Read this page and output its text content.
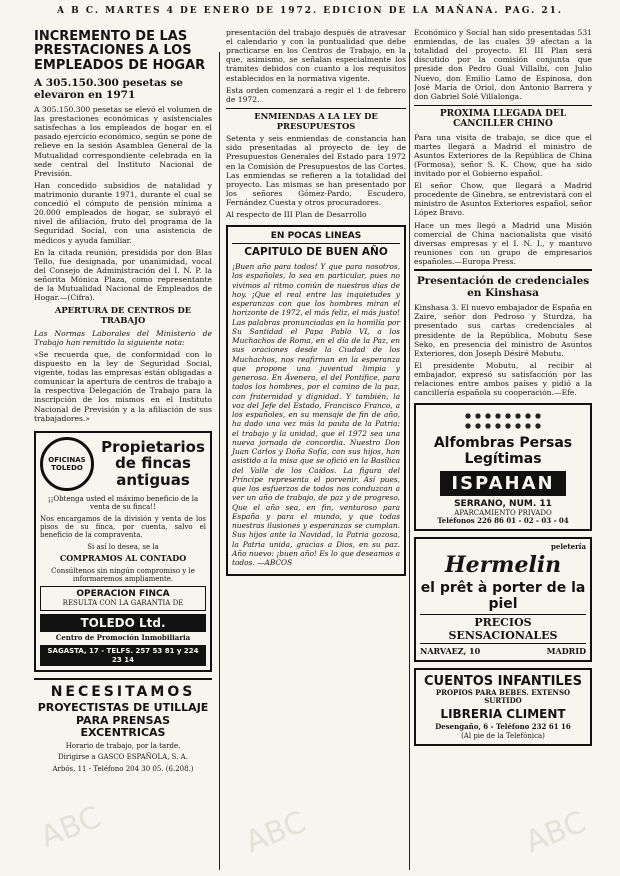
ABC	ABC	ABC
A B C. MARTES 4 DE ENERO DE 1972. EDICION DE LA MAÑANA. PAG. 21.
INCREMENTO DE LAS PRESTACIONES A LOS EMPLEADOS DE HOGAR
A 305.150.300 pesetas se elevaron en 1971

A 305.150.300 pesetas se elevó el volumen de las prestaciones económicas y asistenciales satisfechas a los empleados de hogar en el pasado ejercicio económico, según se pone de relieve en la sesión Asamblea General de la Mutualidad correspondiente celebrada en la sede central del Instituto Nacional de Previsión.

Han concedido subsidios de natalidad y matrimonio durante 1971, durante el cual se concedió el cómputo de pensión mínima a 20.000 empleados de hogar, se subrayó el nivel de afiliación, fruto del programa de la Seguridad Social, con una asistencia de médicos y ayuda familiar.

En la citada reunión, presidida por don Blas Tello, fue designada, por unanimidad, vocal del Consejo de Administración del I. N. P. la señorita Mónica Plaza, como representante de la Mutualidad Nacional de Empleados de Hogar.—(Cifra).

APERTURA DE CENTROS DE TRABAJO

Las Normas Laborales del Ministerio de Trabajo han remitido la siguiente nota:

«Se recuerda que, de conformidad con lo dispuesto en la ley de Seguridad Social, vigente, todas las empresas están obligadas a comunicar la apertura de centros de trabajo a la respectiva Delegación de Trabajo para la inscripción de los mismos en el Instituto Nacional de Previsión y a la afiliación de sus trabajadores.»

OFICINAS TOLEDO
Propietarios de fincas antiguas

¡¡Obtenga usted el máximo beneficio de la venta de su finca!!

Nos encargamos de la división y venta de los pisos de su finca, por cuenta, salvo el beneficio de la compraventa.

Si así lo desea, se la

COMPRAMOS AL CONTADO

Consúltenos sin ningún compromiso y le informaremos ampliamente.

OPERACION FINCA
RESULTA CON LA GARANTIA DE
TOLEDO Ltd.
Centro de Promoción Inmobiliaria
SAGASTA, 17 - TELFS. 257 53 81 y 224 23 14
NECESITAMOS
PROYECTISTAS DE UTILLAJE PARA PRENSAS EXCENTRICAS

Horario de trabajo, por la tarde.

Dirigirse a GASCO ESPAÑOLA, S. A.

Arbós, 11 - Teléfono 204 30 05. (6.208.)

presentación del trabajo después de atravesar el calendario y con la puntualidad que debe practicarse en los Centros de Trabajo, en la que, asimismo, se señalan especialmente los trámites debidos con cuanto a los requisitos establecidos en la normativa vigente.

Esta orden comenzará a regir el 1 de febrero de 1972.

ENMIENDAS A LA LEY DE PRESUPUESTOS

Setenta y seis enmiendas de constancia han sido presentadas al proyecto de ley de Presupuestos Generales del Estado para 1972 en la Comisión de Presupuestos de las Cortes. Las enmiendas se refieren a la totalidad del proyecto. Las mismas se han presentado por los señores Gómez-Pardo, Escudero, Fernández Cuesta y otros procuradores.

Al respecto de III Plan de Desarrollo

EN POCAS LINEAS
CAPITULO DE BUEN AÑO

¡Buen año para todos! Y que para nosotros, los españoles, lo sea en particular, pues no vivimos al ritmo común de nuestros días de hoy. ¡Que el real entre las inquietudes y esperanzas con que los hombres miran el horizonte de 1972, el más feliz, el más justo! Las palabras pronunciadas en la homilía por Su Santidad el Papa Pablo VI, a los Muchachos de Roma, en el día de la Paz, en sus oraciones desde la Ciudad de los Muchachos, nos reafirman en la esperanza que propone una juventud limpia y generosa. En Ávenera, el del Pontífice, para todos los hombres, por el camino de la paz, con fraternidad y dignidad. Y también, la voz del Jefe del Estado, Francisco Franco, a los españoles, en su mensaje de fin de año, ha dado una vez más la pauta de la Patria: el trabajo y la unidad, que el 1972 sea una nueva jornada de concordia. Nuestro Don Juan Carlos y Doña Sofía, con sus hijos, han asistido a la misa que se ofició en la Basílica del Valle de los Caídos. La figura del Príncipe representa el porvenir. Así pues, que los esfuerzos de todos nos conduzcan a ver un año de trabajo, de paz y de progreso. Que el año sea, en fin, venturoso para España y para el mundo, y que todas nuestras ilusiones y esperanzas se cumplan. Sus hijos ante la Navidad, la Patria gozosa, la Patria unida, gracias a Dios, en su paz. Año nuevo: ¡buen año! Es lo que deseamos a todos. —ABCOS

Económico y Social han sido presentadas 531 enmiendas, de las cuales 39 afectan a la totalidad del proyecto. El III Plan será discutido por la comisión conjunta que preside don Pedro Gual Villalbí, con Julio Nuevo, don Emilio Lamo de Espinosa, don José María de Oriol, don Antonio Barrera y don Gabriel Solé Villalonga.

PROXIMA LLEGADA DEL CANCILLER CHINO

Para una visita de trabajo, se dice que el martes llegará a Madrid el ministro de Asuntos Exteriores de la República de China (Formosa), señor S. K. Chow, que ha sido invitado por el Gobierno español.

El señor Chow, que llegará a Madrid procedente de Ginebra, se entrevistará con el ministro de Asuntos Exteriores español, señor López Bravo.

Hace un mes llegó a Madrid una Misión comercial de China nacionalista que visitó diversas empresas y el I. N. I., y mantuvo reuniones con un grupo de empresarios españoles.—Europa Press.

Presentación de credenciales en Kinshasa

Kinshasa 3. El nuevo embajador de España en Zaire, señor don Pedroso y Sturdza, ha presentado sus cartas credenciales al presidente de la República, Mobutu Sese Seko, en presencia del ministro de Asuntos Exteriores, don Joseph Désiré Mobutu.

El presidente Mobutu, al recibir al embajador, expresó su satisfacción por las relaciones entre ambos países y pidió a la cancillería española su cooperación.—Efe.

Alfombras Persas Legítimas
ISPAHAN
SERRANO, NUM. 11
APARCAMIENTO PRIVADO
Teléfonos 226 86 01 - 02 - 03 - 04
peletería
Hermelin
el prêt à porter de la piel
PRECIOS SENSACIONALES
NARVAEZ, 10	MADRID
CUENTOS INFANTILES
PROPIOS PARA BEBES. EXTENSO SURTIDO
LIBRERIA CLIMENT
Desengaño, 6 - Teléfono 232 61 16
(Al pie de la Telefónica)
